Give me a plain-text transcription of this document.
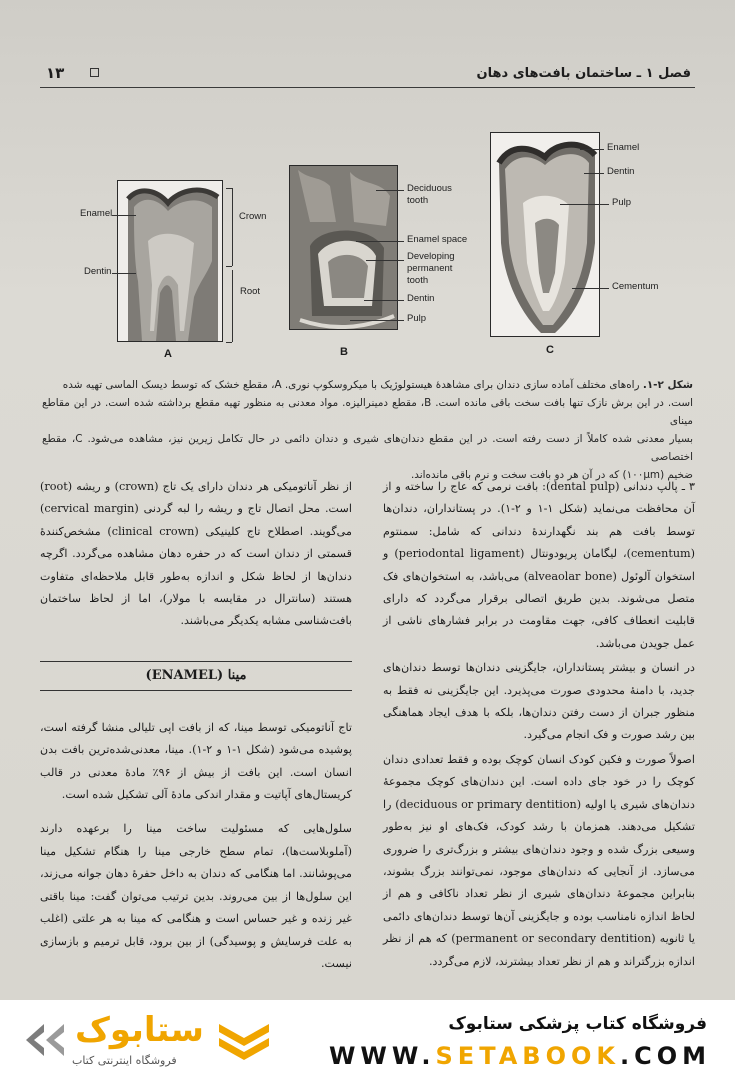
فصل ۱ ـ ساختمان بافت‌های دهان
۱۳
Enamel
Dentin
Crown
Root
A
Deciduous
tooth
Enamel space
Developing
permanent
tooth
Dentin
Pulp
B
Enamel
Dentin
Pulp
Cementum
C
شکل ۲-۱. راه‌های مختلف آماده سازی دندان برای مشاهدهٔ هیستولوژیک با میکروسکوپ نوری. A، مقطع خشک که توسط دیسک الماسی تهیه شده
است. در این برش نازک تنها بافت سخت باقی مانده است. B، مقطع دمینرالیزه. مواد معدنی به منظور تهیه مقطع برداشته شده است. در این مقاطع مینای
بسیار معدنی شده کاملاً از دست رفته است. در این مقطع دندان‌های شیری و دندان دائمی در حال تکامل زیرین نیز، مشاهده می‌شود. C، مقطع اختصاصی
ضخیم (۱۰۰μm) که در آن هر دو بافت سخت و نرم باقی مانده‌اند.

۳ ـ پالپ دندانی (dental pulp): بافت نرمی که عاج را ساخته و از آن محافظت می‌نماید (شکل ۱-۱ و ۲-۱). در پستانداران، دندان‌ها توسط بافت هم بند نگهدارندهٔ دندانی که شامل: سمنتوم (cementum)، لیگامان پریودونتال (periodontal ligament) و استخوان آلوئول (alveaolar bone) می‌باشد، به استخوان‌های فک متصل می‌شوند. بدین طریق اتصالی برقرار می‌گردد که دارای قابلیت انعطاف کافی، جهت مقاومت در برابر فشارهای ناشی از عمل جویدن می‌باشد.

در انسان و بیشتر پستانداران، جایگزینی دندان‌ها توسط دندان‌های جدید، با دامنهٔ محدودی صورت می‌پذیرد. این جایگزینی نه فقط به منظور جبران از دست رفتن دندان‌ها، بلکه با هدف ایجاد هماهنگی بین رشد صورت و فک انجام می‌گیرد.

اصولاً صورت و فکین کودک انسان کوچک بوده و فقط تعدادی دندان کوچک را در خود جای داده است. این دندان‌های کوچک مجموعهٔ دندان‌های شیری یا اولیه (deciduous or primary dentition) را تشکیل می‌دهند. همزمان با رشد کودک، فک‌های او نیز به‌طور وسیعی بزرگ شده و وجود دندان‌های بیشتر و بزرگ‌تری را ضروری می‌سازد. از آنجایی که دندان‌های موجود، نمی‌توانند بزرگ بشوند، بنابراین مجموعهٔ دندان‌های شیری از نظر تعداد ناکافی و هم از لحاظ اندازه نامناسب بوده و جایگزینی آن‌ها توسط دندان‌های دائمی یا ثانویه (permanent or secondary dentition) که هم از نظر اندازه بزرگتراند و هم از نظر تعداد بیشترند، لازم می‌گردد.

از نظر آناتومیکی هر دندان دارای یک تاج (crown) و ریشه (root) است. محل اتصال تاج و ریشه را لبه گردنی (cervical margin) می‌گویند. اصطلاح تاج کلینیکی (clinical crown) مشخص‌کنندهٔ قسمتی از دندان است که در حفره دهان مشاهده می‌گردد. اگرچه دندان‌ها از لحاظ شکل و اندازه به‌طور قابل ملاحظه‌ای متفاوت هستند (سانترال در مقایسه با مولار)، اما از لحاظ ساختمان بافت‌شناسی مشابه یکدیگر می‌باشند.

مینا (ENAMEL)

تاج آناتومیکی توسط مینا، که از بافت اپی تلیالی منشا گرفته است، پوشیده می‌شود (شکل ۱-۱ و ۲-۱). مینا، معدنی‌شده‌ترین بافت بدن انسان است. این بافت از بیش از ۹۶٪ مادهٔ معدنی در قالب کریستال‌های آپاتیت و مقدار اندکی مادهٔ آلی تشکیل شده است.

سلول‌هایی که مسئولیت ساخت مینا را برعهده دارند (آملوبلاست‌ها)، تمام سطح خارجی مینا را هنگام تشکیل مینا می‌پوشانند. اما هنگامی که دندان به داخل حفرهٔ دهان جوانه می‌زند، این سلول‌ها از بین می‌روند. بدین ترتیب می‌توان گفت: مینا باقتی غیر زنده و غیر حساس است و هنگامی که مینا به هر علتی (اغلب به علت فرسایش و پوسیدگی) از بین برود، قابل ترمیم و بازسازی نیست.

ستابوک
فروشگاه اینترنتی کتاب
فروشگاه کتاب پزشکی ستابوک
WWW.SETABOOK.COM
